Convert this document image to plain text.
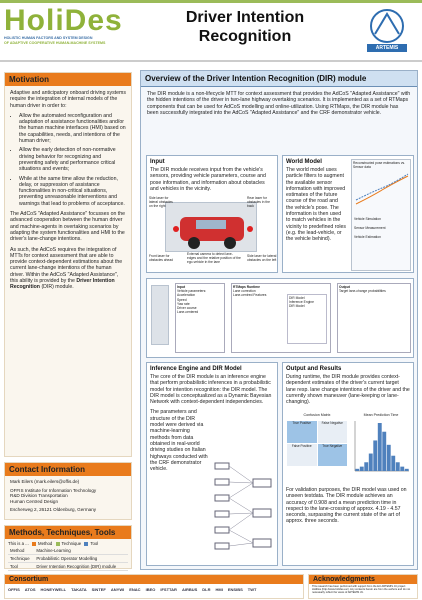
HoliDes
HOLISTIC HUMAN FACTORS AND SYSTEM DESIGN
OF ADAPTIVE COOPERATIVE HUMAN-MACHINE SYSTEMS
Driver Intention Recognition
ARTEMIS
Motivation

Adaptive and anticipatory onboard driving systems require the integration of internal models of the human driver in order to:

• Allow the automated reconfiguration and adaptation of assistance functionalities and/or the human machine interfaces (HMI) based on the capabilities, needs, and intentions of the human driver;
• Allow the early detection of non-normative driving behavior for recognizing and preventing safety and performance critical situations and events;
• While at the same time allow the reduction, delay, or suppression of assistance functionalities in non-critical situations, preventing unreasonable interventions and warnings that lead to problems of acceptance.

The AdCoS "Adapted Assistance" focusses on the advanced cooperation between the human driver and machine-agents in overtaking scenarios by adapting the system functionalities and HMI to the driver's lane-change intentions.

As such, the AdCoS requires the integration of MTTs for context assessment that are able to provide context-dependent estimations about the current lane-change intentions of the human driver. Within the AdCoS "Adapted Assistance", this ability is provided by the Driver Intention Recognition (DIR) module.

Contact Information
Mark Eilers (mark.eilers@offis.de)
OFFIS Institute for Information Technology
R&D Division Transportation
Human Centred Design
Escherweg 2, 26121 Oldenburg, Germany
Methods, Techniques, Tools
This is a ... Method Technique Tool
Method	Machine-Learning
Technique	Probabilistic Operator Modelling
Tool	Driver Intention Recognition (DIR) module
Overview of the Driver Intention Recognition (DIR) module
The DIR module is a non-lifecycle MTT for context assessment that provides the AdCoS "Adapted Assistance" with the hidden intentions of the driver in two-lane highway overtaking scenarios. It is implemented as a set of RTMaps components that can be used for AdCoS modelling and online-utilization. Using RTMaps, the DIR module has been successfully integrated into the AdCoS "Adapted Assistance" and the CRF demonstrator vehicle.
Input
The DIR module receives input from the vehicle's sensors, providing vehicle parameters, course and pose information, and information about obstacles and vehicles in the vicinity.
Side laser for lateral obstacles on the right
Rear laser for obstacles in the back
Front laser for obstacles ahead
External camera to detect lane-edges and the relative position of the ego-vehicle in the lane
Side laser for lateral obstacles on the left
World Model
The world model uses particle filters to augment the available sensor information with improved estimates of the future course of the road and the vehicle's pose. The information is then used to match vehicles in the vicinity to predefined roles (e.g. the lead-vehicle, or the vehicle behind).
Reconstructed pose estimations vs. Sensor data
Vehicle Simulation
Sensor Measurement
Vehicle Estimation
Input
Vehicle parameters:
Acceleration
Speed
Yaw rate
Driver course
Lane-centered
RTMaps Runtime
Lane correction
Lane-centred Features
DIR Model
Inference Engine
DIR Model
Output
Target lane-change probabilities
Inference Engine and DIR Model
The core of the DIR module is an inference engine that perform probabilistic inferences in a probabilistic model for intention recognition: the DIR model. The DIR model is conceptualized as a Dynamic Bayesian Network with context-dependent independencies.
The parameters and structure of the DIR model were derived via machine-learning methods from data obtained in real-world driving studies on Italian highways conducted with the CRF demonstrator vehicle.
Output and Results
During runtime, the DIR module provides context-dependent estimates of the driver's current target lane resp. lane change intentions of the driver and the currently shown maneuver (lane-keeping or lane-changing).
Confusion Matrix
True Positive	False Negative
False Positive	True Negative
Mean Prediction Time
For validation purposes, the DIR model was used on unseen testdata. The DIR module achieves an accuracy of 0.908 and a mean prediction time in respect to the lane-crossing of approx. 4.19 - 4.57 seconds, surpassing the current state of the art of approx. three seconds.
Consortium
OFFIS ATOS HONEYWELL TAKATA SINTEF ANYWI ENAC IBEO IFSTTAR AIRBUS DLR HMI ENSIBS TWT
Acknowledgments
This research has been performed with support from the EU ARTEMIS JU project HoliDes (http://www.holides.eu/). Any contents herein are from the authors and do not necessarily reflect the views of ARTEMIS JU.
